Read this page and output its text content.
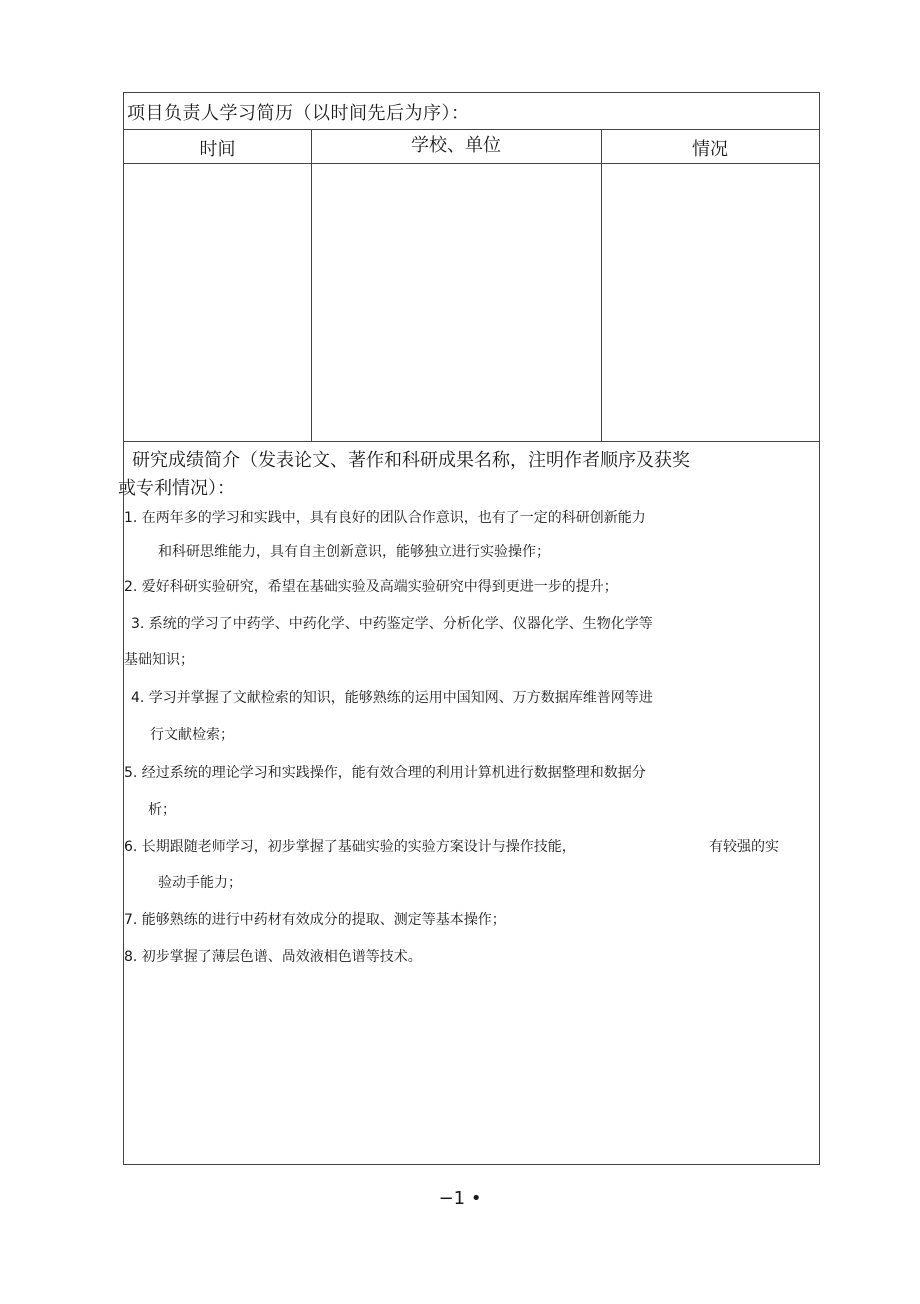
项目负责人学习简历（以时间先后为序）：
时间	学校、单位	情况
研究成绩简介（发表论文、著作和科研成果名称，注明作者顺序及获奖
或专利情况）：
1. 在两年多的学习和实践中，具有良好的团队合作意识，也有了一定的科研创新能力
和科研思维能力，具有自主创新意识，能够独立进行实验操作；
2. 爱好科研实验研究，希望在基础实验及高端实验研究中得到更进一步的提升；
3. 系统的学习了中药学、中药化学、中药鉴定学、分析化学、仪器化学、生物化学等
基础知识；
4. 学习并掌握了文献检索的知识，能够熟练的运用中国知网、万方数据库维普网等进
行文献检索；
5. 经过系统的理论学习和实践操作，能有效合理的利用计算机进行数据整理和数据分
析；
6. 长期跟随老师学习，初步掌握了基础实验的实验方案设计与操作技能，	有较强的实
验动手能力；
7. 能够熟练的进行中药材有效成分的提取、测定等基本操作；
8. 初步掌握了薄层色谱、咼效液相色谱等技术。
−1 •
